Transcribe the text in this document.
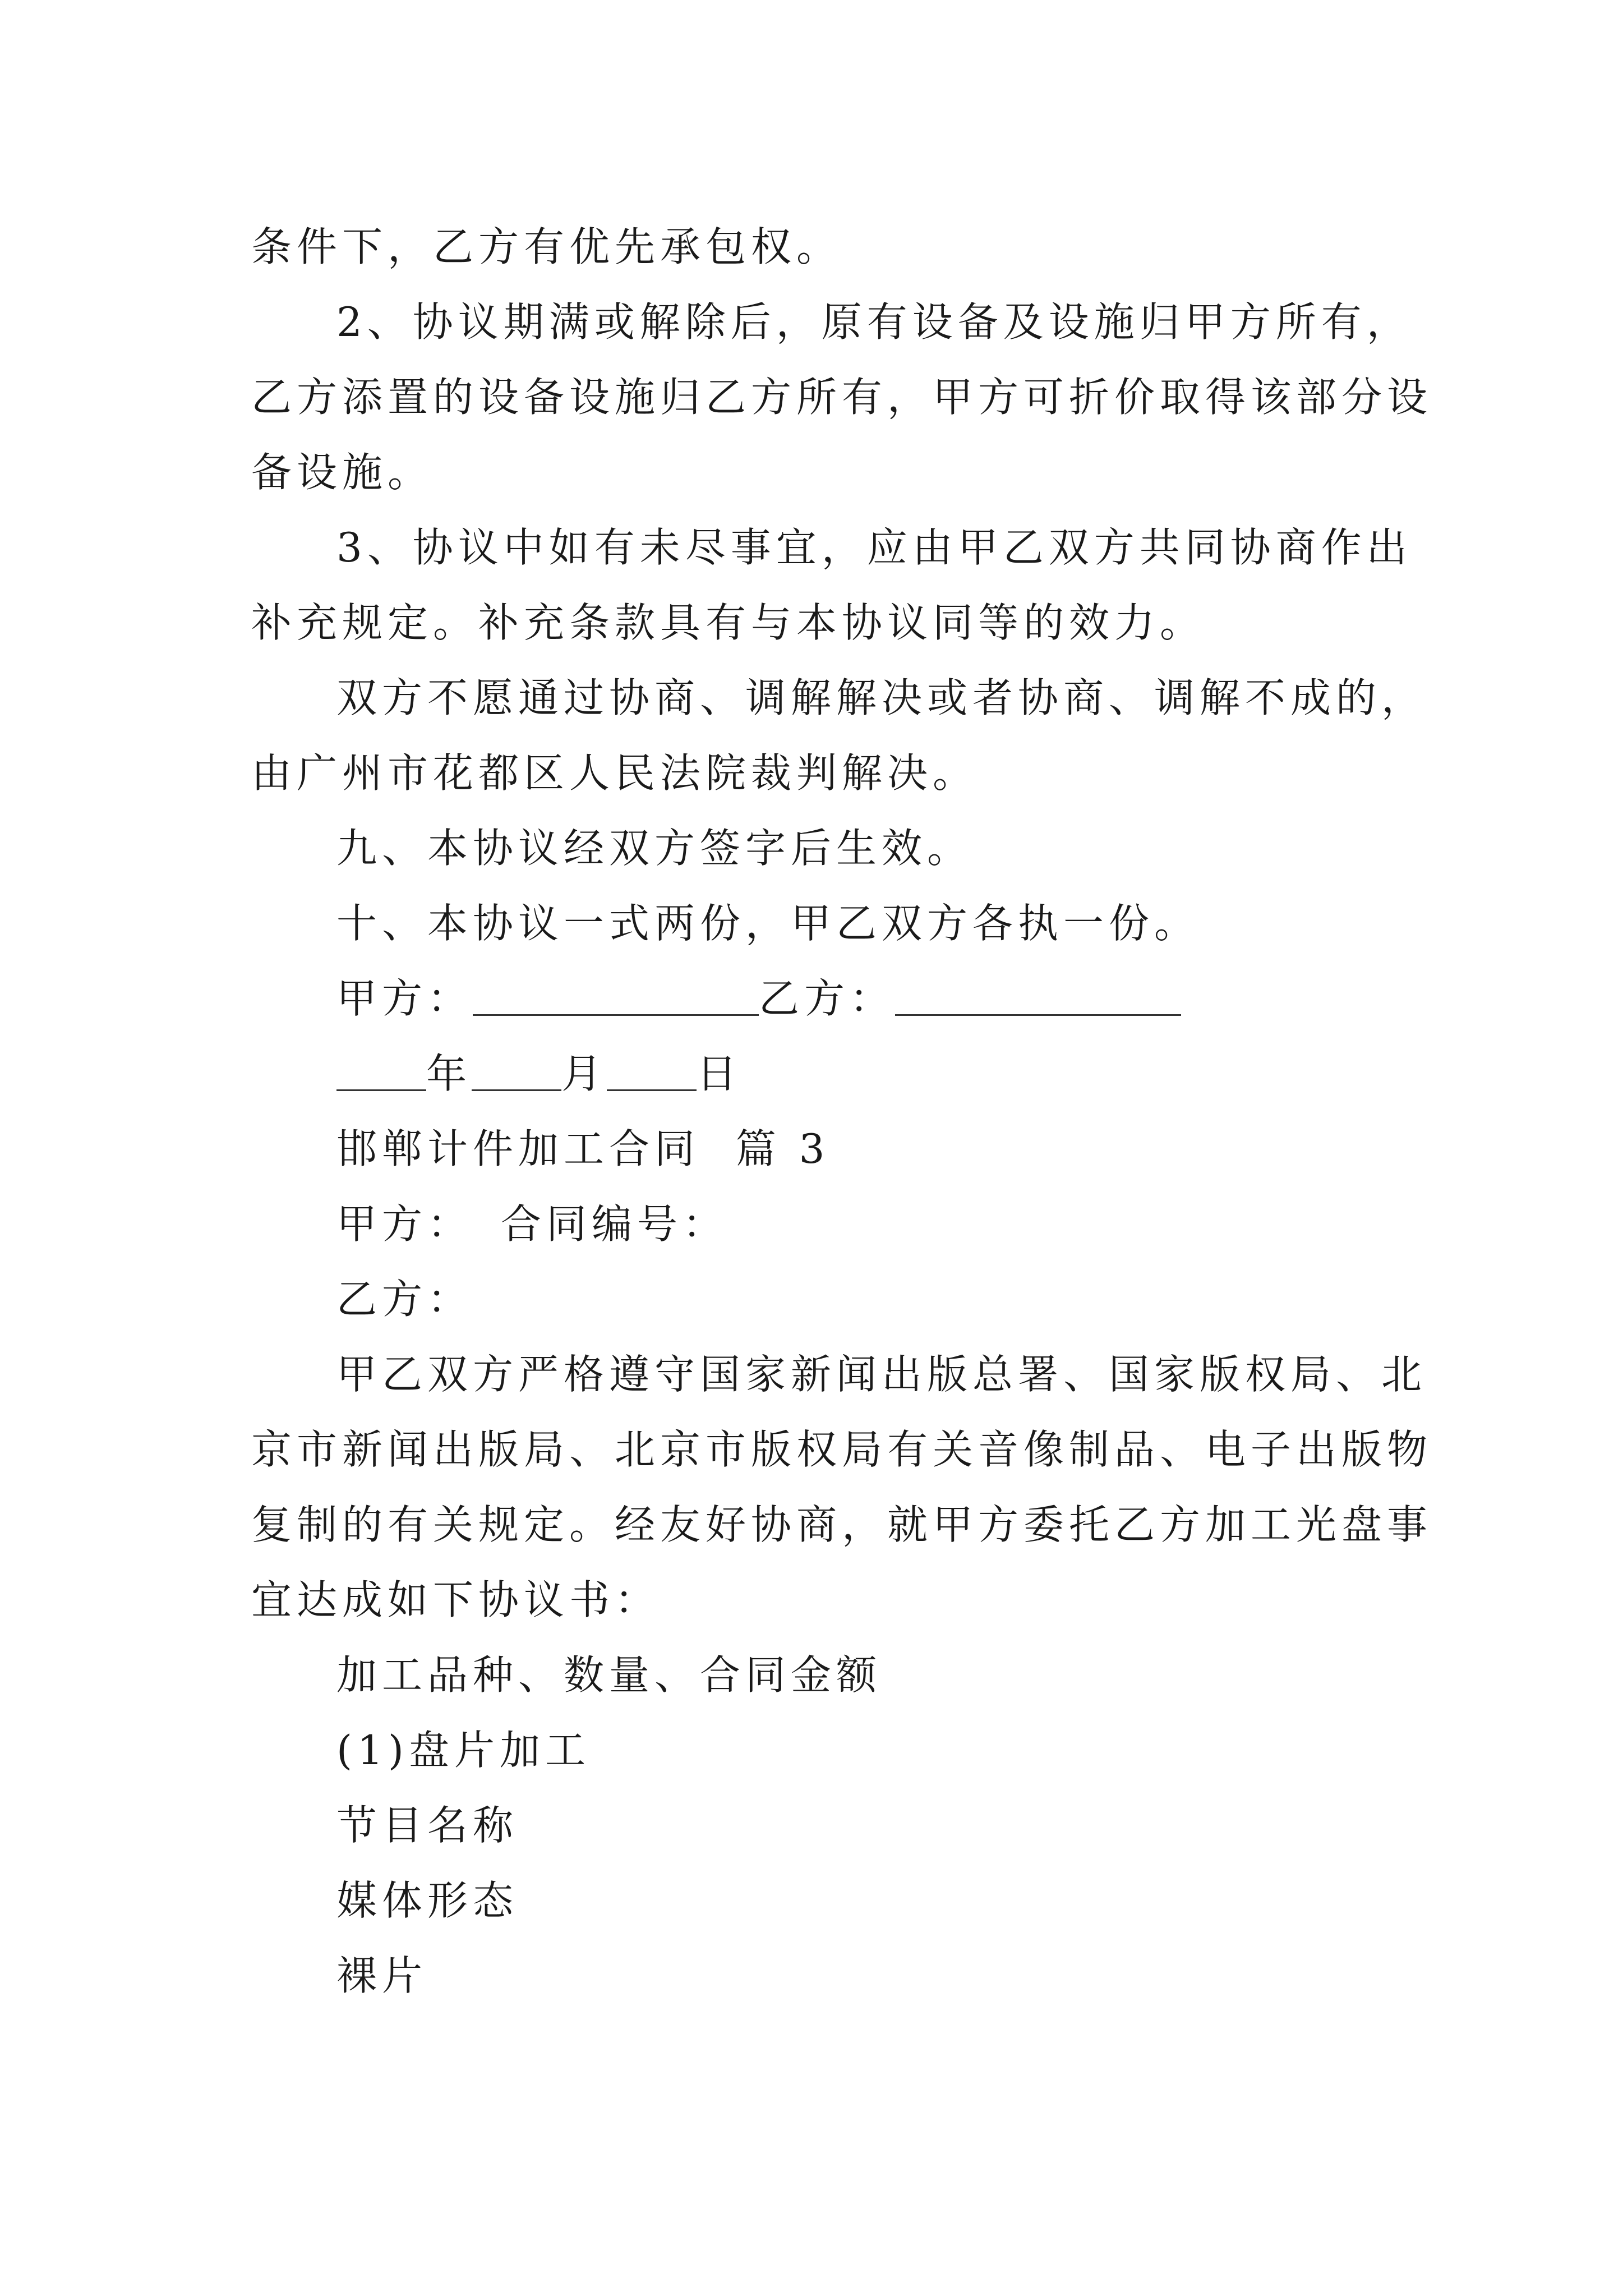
条件下，乙方有优先承包权。
2、协议期满或解除后，原有设备及设施归甲方所有，
乙方添置的设备设施归乙方所有，甲方可折价取得该部分设
备设施。
3、协议中如有未尽事宜，应由甲乙双方共同协商作出
补充规定。补充条款具有与本协议同等的效力。
双方不愿通过协商、调解解决或者协商、调解不成的，
由广州市花都区人民法院裁判解决。
九、本协议经双方签字后生效。
十、本协议一式两份，甲乙双方各执一份。
甲方：	乙方：
年 月 日
邯郸计件加工合同  篇 3
甲方： 合同编号：
乙方：
甲乙双方严格遵守国家新闻出版总署、国家版权局、北
京市新闻出版局、北京市版权局有关音像制品、电子出版物
复制的有关规定。经友好协商，就甲方委托乙方加工光盘事
宜达成如下协议书：
加工品种、数量、合同金额
(1)盘片加工
节目名称
媒体形态
裸片
